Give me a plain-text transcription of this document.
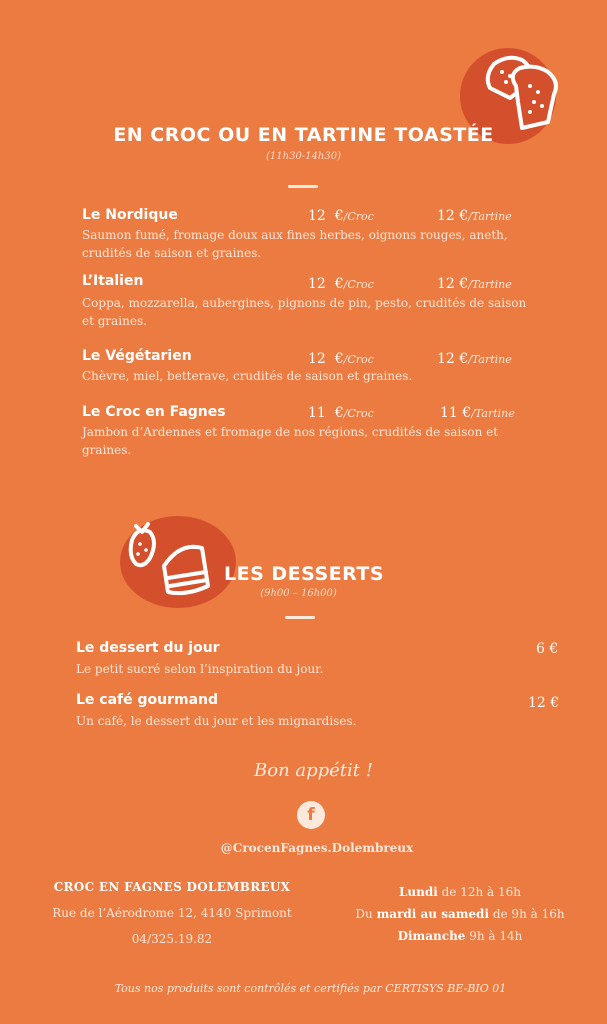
EN CROC OU EN TARTINE TOASTÉE
(11h30-14h30)
Le Nordique
Saumon fumé, fromage doux aux fines herbes, oignons rouges, aneth, crudités de saison et graines.
12 €/Croc	12 €/Tartine
L’Italien
Coppa, mozzarella, aubergines, pignons de pin, pesto, crudités de saison et graines.
12 €/Croc	12 €/Tartine
Le Végétarien
Chèvre, miel, betterave, crudités de saison et graines.
12 €/Croc	12 €/Tartine
Le Croc en Fagnes
Jambon d’Ardennes et fromage de nos régions, crudités de saison et graines.
11 €/Croc	11 €/Tartine
LES DESSERTS
(9h00 – 16h00)
Le dessert du jour
Le petit sucré selon l’inspiration du jour.
6 €
Le café gourmand
Un café, le dessert du jour et les mignardises.
12 €
Bon appétit !
f
@CrocenFagnes.Dolembreux
CROC EN FAGNES DOLEMBREUX
Rue de l’Aérodrome 12, 4140 Sprimont
04/325.19.82
Lundi de 12h à 16h
Du mardi au samedi de 9h à 16h
Dimanche 9h à 14h
Tous nos produits sont contrôlés et certifiés par CERTISYS BE-BIO 01
